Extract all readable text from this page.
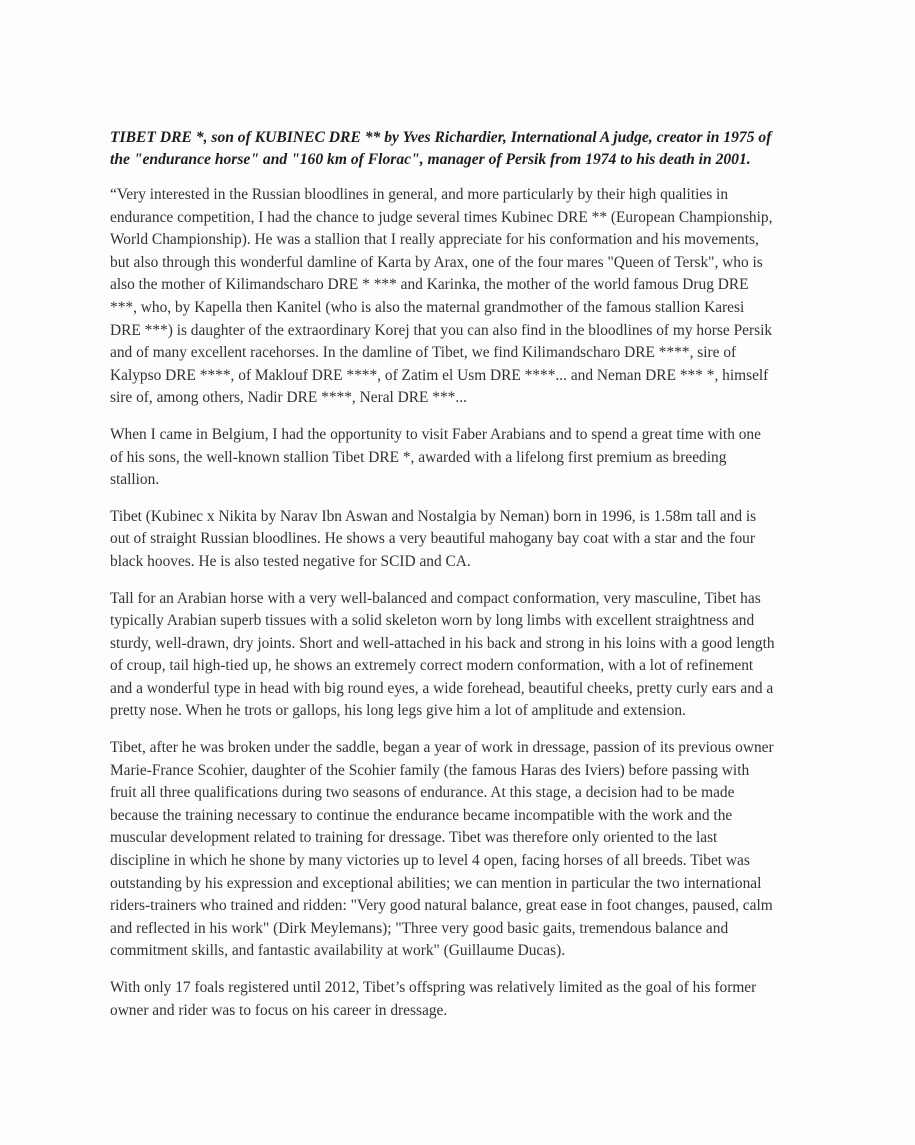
TIBET DRE *, son of KUBINEC DRE ** by Yves Richardier, International A judge, creator in 1975 of the "endurance horse" and "160 km of Florac", manager of Persik from 1974 to his death in 2001.

“Very interested in the Russian bloodlines in general, and more particularly by their high qualities in endurance competition, I had the chance to judge several times Kubinec DRE ** (European Championship, World Championship). He was a stallion that I really appreciate for his conformation and his movements, but also through this wonderful damline of Karta by Arax, one of the four mares "Queen of Tersk", who is also the mother of Kilimandscharo DRE * *** and Karinka, the mother of the world famous Drug DRE ***, who, by Kapella then Kanitel (who is also the maternal grandmother of the famous stallion Karesi DRE ***) is daughter of the extraordinary Korej that you can also find in the bloodlines of my horse Persik and of many excellent racehorses. In the damline of Tibet, we find Kilimandscharo DRE ****, sire of Kalypso DRE ****, of Maklouf DRE ****, of Zatim el Usm DRE ****... and Neman DRE *** *, himself sire of, among others, Nadir DRE ****, Neral DRE ***...

When I came in Belgium, I had the opportunity to visit Faber Arabians and to spend a great time with one of his sons, the well-known stallion Tibet DRE *, awarded with a lifelong first premium as breeding stallion.

Tibet (Kubinec x Nikita by Narav Ibn Aswan and Nostalgia by Neman) born in 1996, is 1.58m tall and is out of straight Russian bloodlines. He shows a very beautiful mahogany bay coat with a star and the four black hooves. He is also tested negative for SCID and CA.

Tall for an Arabian horse with a very well-balanced and compact conformation, very masculine, Tibet has typically Arabian superb tissues with a solid skeleton worn by long limbs with excellent straightness and sturdy, well-drawn, dry joints. Short and well-attached in his back and strong in his loins with a good length of croup, tail high-tied up, he shows an extremely correct modern conformation, with a lot of refinement and a wonderful type in head with big round eyes, a wide forehead, beautiful cheeks, pretty curly ears and a pretty nose. When he trots or gallops, his long legs give him a lot of amplitude and extension.

Tibet, after he was broken under the saddle, began a year of work in dressage, passion of its previous owner Marie-France Scohier, daughter of the Scohier family (the famous Haras des Iviers) before passing with fruit all three qualifications during two seasons of endurance. At this stage, a decision had to be made because the training necessary to continue the endurance became incompatible with the work and the muscular development related to training for dressage. Tibet was therefore only oriented to the last discipline in which he shone by many victories up to level 4 open, facing horses of all breeds. Tibet was outstanding by his expression and exceptional abilities; we can mention in particular the two international riders-trainers who trained and ridden: "Very good natural balance, great ease in foot changes, paused, calm and reflected in his work" (Dirk Meylemans); "Three very good basic gaits, tremendous balance and commitment skills, and fantastic availability at work" (Guillaume Ducas).

With only 17 foals registered until 2012, Tibet’s offspring was relatively limited as the goal of his former owner and rider was to focus on his career in dressage.
